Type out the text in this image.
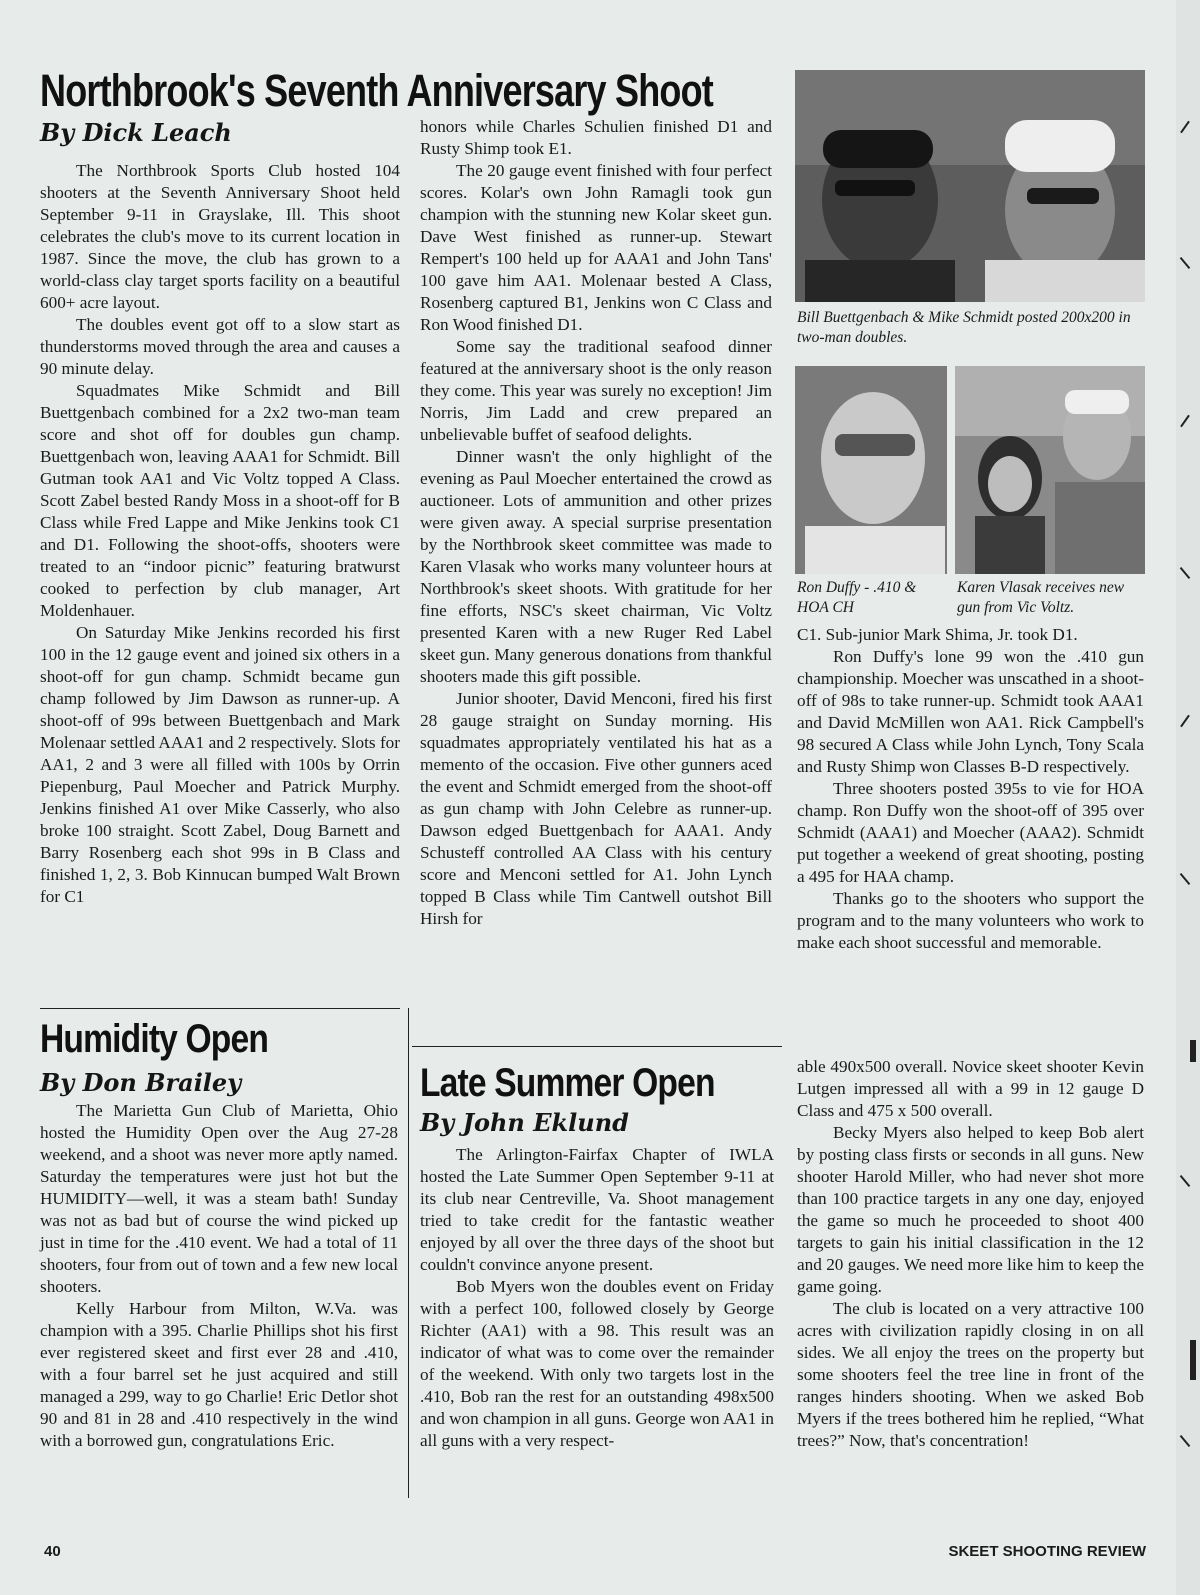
Northbrook's Seventh Anniversary Shoot
By Dick Leach

The Northbrook Sports Club hosted 104 shooters at the Seventh Anniversary Shoot held September 9-11 in Grayslake, Ill. This shoot celebrates the club's move to its current location in 1987. Since the move, the club has grown to a world-class clay target sports facility on a beautiful 600+ acre layout.

The doubles event got off to a slow start as thunderstorms moved through the area and causes a 90 minute delay.

Squadmates Mike Schmidt and Bill Buettgenbach combined for a 2x2 two-man team score and shot off for doubles gun champ. Buettgenbach won, leaving AAA1 for Schmidt. Bill Gutman took AA1 and Vic Voltz topped A Class. Scott Zabel bested Randy Moss in a shoot-off for B Class while Fred Lappe and Mike Jenkins took C1 and D1. Following the shoot-offs, shooters were treated to an “indoor picnic” featuring bratwurst cooked to perfection by club manager, Art Moldenhauer.

On Saturday Mike Jenkins recorded his first 100 in the 12 gauge event and joined six others in a shoot-off for gun champ. Schmidt became gun champ followed by Jim Dawson as runner-up. A shoot-off of 99s between Buettgenbach and Mark Molenaar settled AAA1 and 2 respectively. Slots for AA1, 2 and 3 were all filled with 100s by Orrin Piepenburg, Paul Moecher and Patrick Murphy. Jenkins finished A1 over Mike Casserly, who also broke 100 straight. Scott Zabel, Doug Barnett and Barry Rosenberg each shot 99s in B Class and finished 1, 2, 3. Bob Kinnucan bumped Walt Brown for C1

honors while Charles Schulien finished D1 and Rusty Shimp took E1.

The 20 gauge event finished with four perfect scores. Kolar's own John Ramagli took gun champion with the stunning new Kolar skeet gun. Dave West finished as runner-up. Stewart Rempert's 100 held up for AAA1 and John Tans' 100 gave him AA1. Molenaar bested A Class, Rosenberg captured B1, Jenkins won C Class and Ron Wood finished D1.

Some say the traditional seafood dinner featured at the anniversary shoot is the only reason they come. This year was surely no exception! Jim Norris, Jim Ladd and crew prepared an unbelievable buffet of seafood delights.

Dinner wasn't the only highlight of the evening as Paul Moecher entertained the crowd as auctioneer. Lots of ammunition and other prizes were given away. A special surprise presentation by the Northbrook skeet committee was made to Karen Vlasak who works many volunteer hours at Northbrook's skeet shoots. With gratitude for her fine efforts, NSC's skeet chairman, Vic Voltz presented Karen with a new Ruger Red Label skeet gun. Many generous donations from thankful shooters made this gift possible.

Junior shooter, David Menconi, fired his first 28 gauge straight on Sunday morning. His squadmates appropriately ventilated his hat as a memento of the occasion. Five other gunners aced the event and Schmidt emerged from the shoot-off as gun champ with John Celebre as runner-up. Dawson edged Buettgenbach for AAA1. Andy Schusteff controlled AA Class with his century score and Menconi settled for A1. John Lynch topped B Class while Tim Cantwell outshot Bill Hirsh for

Bill Buettgenbach & Mike Schmidt posted 200x200 in two-man doubles.
Ron Duffy - .410 & HOA CH
Karen Vlasak receives new gun from Vic Voltz.

C1. Sub-junior Mark Shima, Jr. took D1.

Ron Duffy's lone 99 won the .410 gun championship. Moecher was unscathed in a shoot-off of 98s to take runner-up. Schmidt took AAA1 and David McMillen won AA1. Rick Campbell's 98 secured A Class while John Lynch, Tony Scala and Rusty Shimp won Classes B-D respectively.

Three shooters posted 395s to vie for HOA champ. Ron Duffy won the shoot-off of 395 over Schmidt (AAA1) and Moecher (AAA2). Schmidt put together a weekend of great shooting, posting a 495 for HAA champ.

Thanks go to the shooters who support the program and to the many volunteers who work to make each shoot successful and memorable.

Humidity Open
By Don Brailey

The Marietta Gun Club of Marietta, Ohio hosted the Humidity Open over the Aug 27-28 weekend, and a shoot was never more aptly named. Saturday the temperatures were just hot but the HUMIDITY—well, it was a steam bath! Sunday was not as bad but of course the wind picked up just in time for the .410 event. We had a total of 11 shooters, four from out of town and a few new local shooters.

Kelly Harbour from Milton, W.Va. was champion with a 395. Charlie Phillips shot his first ever registered skeet and first ever 28 and .410, with a four barrel set he just acquired and still managed a 299, way to go Charlie! Eric Detlor shot 90 and 81 in 28 and .410 respectively in the wind with a borrowed gun, congratulations Eric.

Late Summer Open
By John Eklund

The Arlington-Fairfax Chapter of IWLA hosted the Late Summer Open September 9-11 at its club near Centreville, Va. Shoot management tried to take credit for the fantastic weather enjoyed by all over the three days of the shoot but couldn't convince anyone present.

Bob Myers won the doubles event on Friday with a perfect 100, followed closely by George Richter (AA1) with a 98. This result was an indicator of what was to come over the remainder of the weekend. With only two targets lost in the .410, Bob ran the rest for an outstanding 498x500 and won champion in all guns. George won AA1 in all guns with a very respect-

able 490x500 overall. Novice skeet shooter Kevin Lutgen impressed all with a 99 in 12 gauge D Class and 475 x 500 overall.

Becky Myers also helped to keep Bob alert by posting class firsts or seconds in all guns. New shooter Harold Miller, who had never shot more than 100 practice targets in any one day, enjoyed the game so much he proceeded to shoot 400 targets to gain his initial classification in the 12 and 20 gauges. We need more like him to keep the game going.

The club is located on a very attractive 100 acres with civilization rapidly closing in on all sides. We all enjoy the trees on the property but some shooters feel the tree line in front of the ranges hinders shooting. When we asked Bob Myers if the trees bothered him he replied, “What trees?” Now, that's concentration!

40	SKEET SHOOTING REVIEW
